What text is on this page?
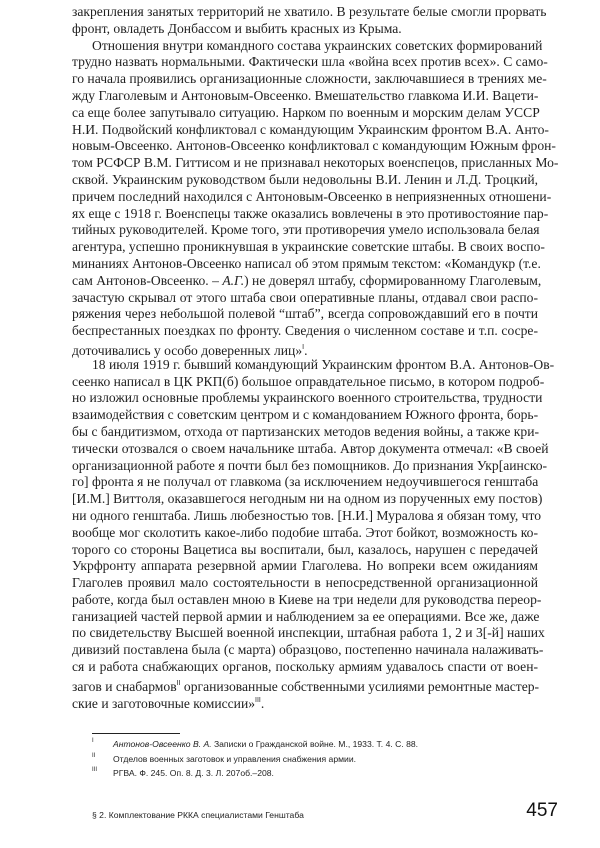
закрепления занятых территорий не хватило. В результате белые смогли прорвать
фронт, овладеть Донбассом и выбить красных из Крыма.
Отношения внутри командного состава украинских советских формирований
трудно назвать нормальными. Фактически шла «война всех против всех». С само-
го начала проявились организационные сложности, заключавшиеся в трениях ме-
жду Глаголевым и Антоновым-Овсеенко. Вмешательство главкома И.И. Вацети-
са еще более запутывало ситуацию. Нарком по военным и морским делам УССР
Н.И. Подвойский конфликтовал с командующим Украинским фронтом В.А. Анто-
новым-Овсеенко. Антонов-Овсеенко конфликтовал с командующим Южным фрон-
том РСФСР В.М. Гиттисом и не признавал некоторых военспецов, присланных Мо-
сквой. Украинским руководством были недовольны В.И. Ленин и Л.Д. Троцкий,
причем последний находился с Антоновым-Овсеенко в неприязненных отношени-
ях еще с 1918 г. Военспецы также оказались вовлечены в это противостояние пар-
тийных руководителей. Кроме того, эти противоречия умело использовала белая
агентура, успешно проникнувшая в украинские советские штабы. В своих воспо-
минаниях Антонов-Овсеенко написал об этом прямым текстом: «Командукр (т.е.
сам Антонов-Овсеенко. – А.Г.) не доверял штабу, сформированному Глаголевым,
зачастую скрывал от этого штаба свои оперативные планы, отдавал свои распо-
ряжения через небольшой полевой “штаб”, всегда сопровождавший его в почти
беспрестанных поездках по фронту. Сведения о численном составе и т.п. сосре-
доточивались у особо доверенных лиц»$^I$.
18 июля 1919 г. бывший командующий Украинским фронтом В.А. Антонов-Ов-
сеенко написал в ЦК РКП(б) большое оправдательное письмо, в котором подроб-
но изложил основные проблемы украинского военного строительства, трудности
взаимодействия с советским центром и с командованием Южного фронта, борь-
бы с бандитизмом, отхода от партизанских методов ведения войны, а также кри-
тически отозвался о своем начальнике штаба. Автор документа отмечал: «В своей
организационной работе я почти был без помощников. До признания Укр[аинско-
го] фронта я не получал от главкома (за исключением недоучившегося генштаба
[И.М.] Виттоля, оказавшегося негодным ни на одном из порученных ему постов)
ни одного генштаба. Лишь любезностью тов. [Н.И.] Муралова я обязан тому, что
вообще мог сколотить какое-либо подобие штаба. Этот бойкот, возможность ко-
торого со стороны Вацетиса вы воспитали, был, казалось, нарушен с передачей
Укрфронту аппарата резервной армии Глаголева. Но вопреки всем ожиданиям
Глаголев проявил мало состоятельности в непосредственной организационной
работе, когда был оставлен мною в Киеве на три недели для руководства переор-
ганизацией частей первой армии и наблюдением за ее операциями. Все же, даже
по свидетельству Высшей военной инспекции, штабная работа 1, 2 и 3[-й] наших
дивизий поставлена была (с марта) образцово, постепенно начинала налаживать-
ся и работа снабжающих органов, поскольку армиям удавалось спасти от воен-
загов и снабармов$^{II}$ организованные собственными усилиями ремонтные мастер-
ские и заготовочные комиссии»$^{III}$.
I Антонов-Овсеенко В. А. Записки о Гражданской войне. М., 1933. Т. 4. С. 88.
II Отделов военных заготовок и управления снабжения армии.
III РГВА. Ф. 245. Оп. 8. Д. 3. Л. 207об.–208.
§ 2. Комплектование РККА специалистами Генштаба	457
